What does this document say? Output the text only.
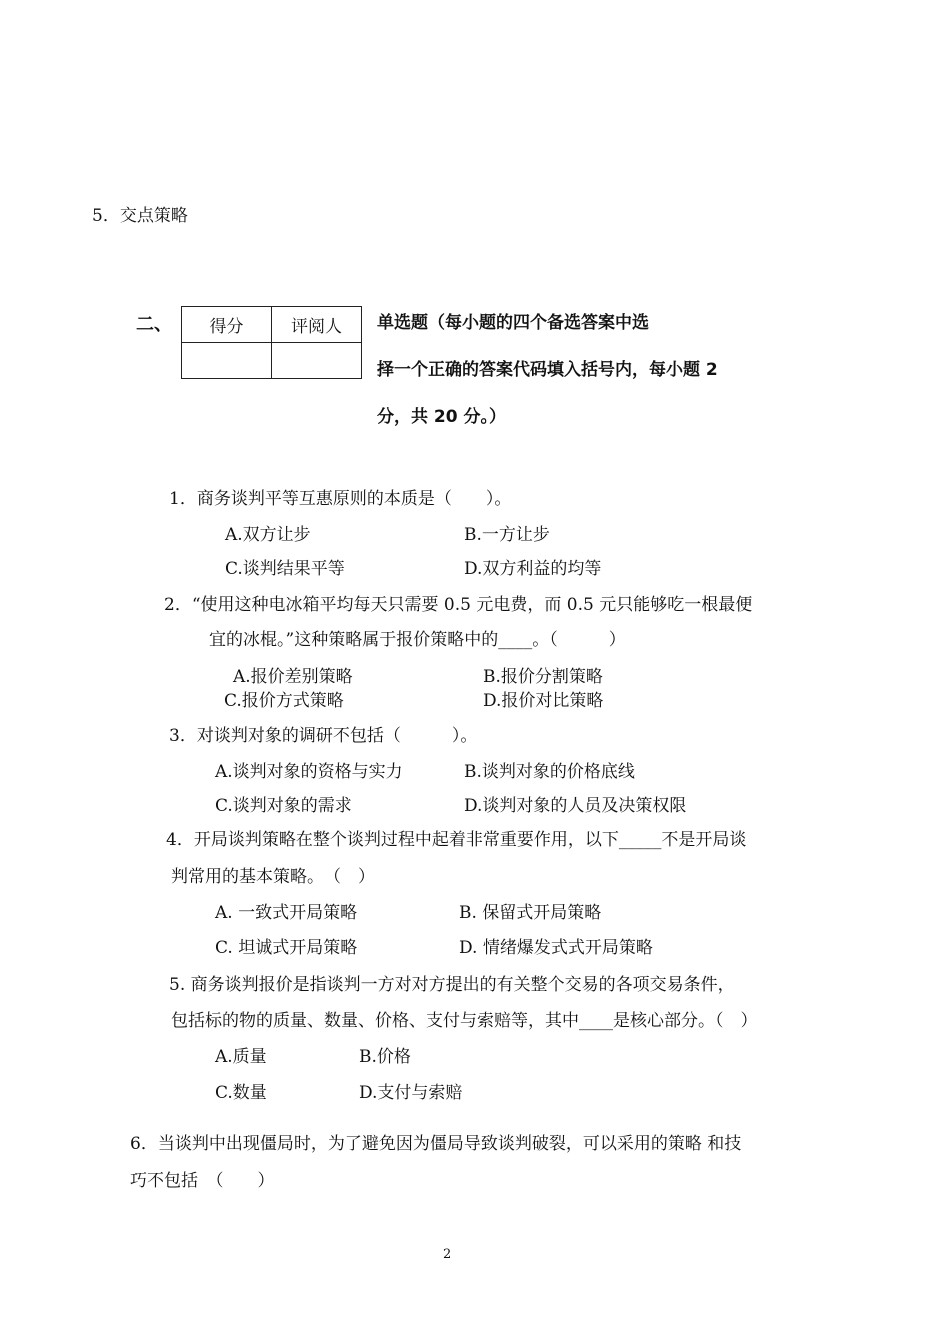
5．交点策略
二、 得分	评阅人
	单选题（每小题的四个备选答案中选
择一个正确的答案代码填入括号内，每小题 2
分，共 20 分。）
1．商务谈判平等互惠原则的本质是（　　）。
A.双方让步	B.一方让步
C.谈判结果平等	D.双方利益的均等
2．“使用这种电冰箱平均每天只需要 0.5 元电费，而 0.5 元只能够吃一根最便
宜的冰棍。”这种策略属于报价策略中的____。（　　　）
A.报价差别策略	B.报价分割策略
C.报价方式策略	D.报价对比策略
3．对谈判对象的调研不包括（　　　）。
A.谈判对象的资格与实力	B.谈判对象的价格底线
C.谈判对象的需求	D.谈判对象的人员及决策权限
4．开局谈判策略在整个谈判过程中起着非常重要作用，以下_____不是开局谈
判常用的基本策略。　（　）
A. 一致式开局策略	B. 保留式开局策略
C. 坦诚式开局策略	D. 情绪爆发式式开局策略
5. 商务谈判报价是指谈判一方对对方提出的有关整个交易的各项交易条件，
包括标的物的质量、数量、价格、支付与索赔等，其中____是核心部分。（　）
A.质量	B.价格
C.数量	D.支付与索赔
6．当谈判中出现僵局时，为了避免因为僵局导致谈判破裂，可以采用的策略 和技
巧不包括　（　　）
2
